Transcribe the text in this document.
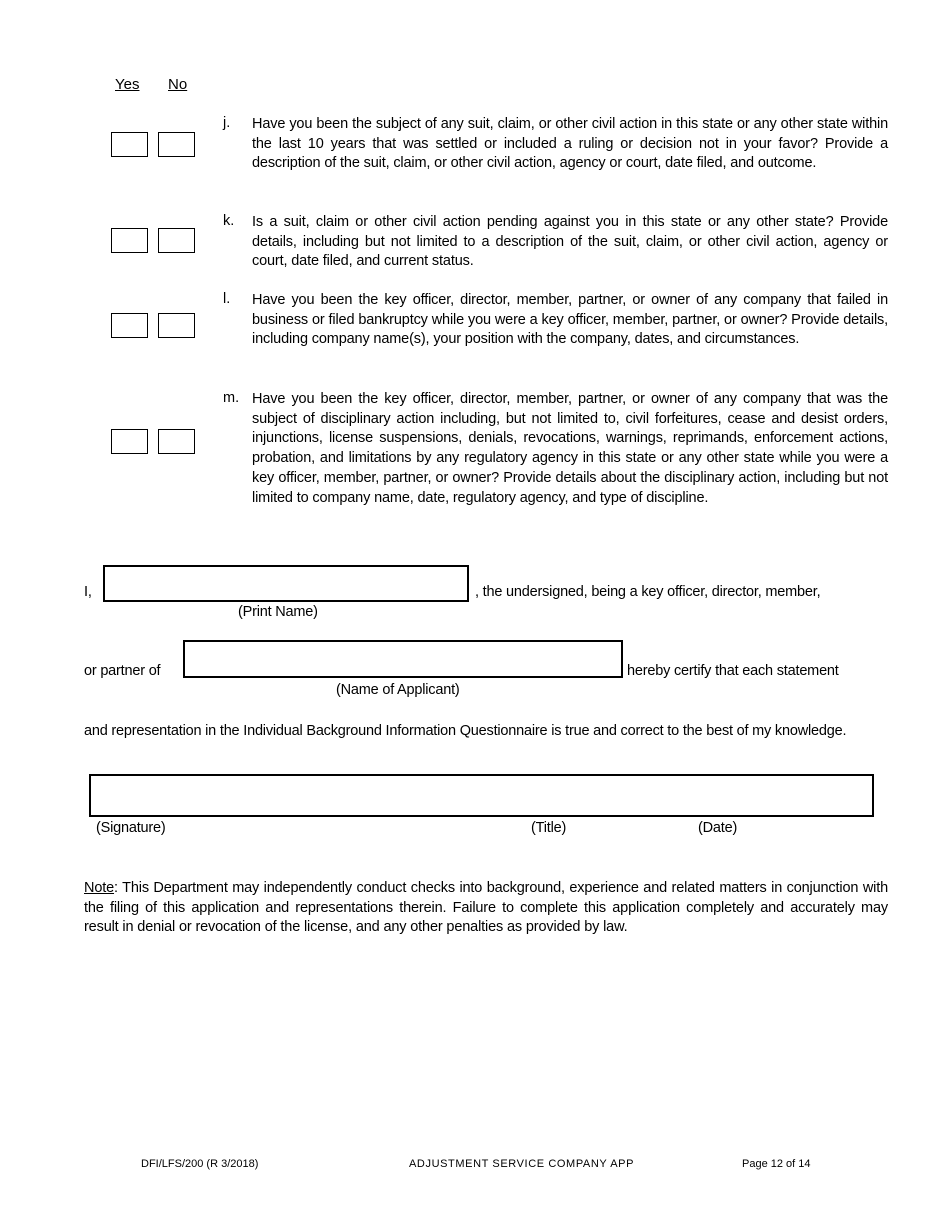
Yes No
j. Have you been the subject of any suit, claim, or other civil action in this state or any other state within the last 10 years that was settled or included a ruling or decision not in your favor? Provide a description of the suit, claim, or other civil action, agency or court, date filed, and outcome.
k. Is a suit, claim or other civil action pending against you in this state or any other state? Provide details, including but not limited to a description of the suit, claim, or other civil action, agency or court, date filed, and current status.
l. Have you been the key officer, director, member, partner, or owner of any company that failed in business or filed bankruptcy while you were a key officer, member, partner, or owner? Provide details, including company name(s), your position with the company, dates, and circumstances.
m. Have you been the key officer, director, member, partner, or owner of any company that was the subject of disciplinary action including, but not limited to, civil forfeitures, cease and desist orders, injunctions, license suspensions, denials, revocations, warnings, reprimands, enforcement actions, probation, and limitations by any regulatory agency in this state or any other state while you were a key officer, member, partner, or owner? Provide details about the disciplinary action, including but not limited to company name, date, regulatory agency, and type of discipline.
I,	, the undersigned, being a key officer, director, member,
(Print Name)
or partner of	hereby certify that each statement
(Name of Applicant)
and representation in the Individual Background Information Questionnaire is true and correct to the best of my knowledge.
(Signature)	(Title)	(Date)
Note: This Department may independently conduct checks into background, experience and related matters in conjunction with the filing of this application and representations therein. Failure to complete this application completely and accurately may result in denial or revocation of the license, and any other penalties as provided by law.
DFI/LFS/200 (R 3/2018)	ADJUSTMENT SERVICE COMPANY APP	Page 12 of 14
